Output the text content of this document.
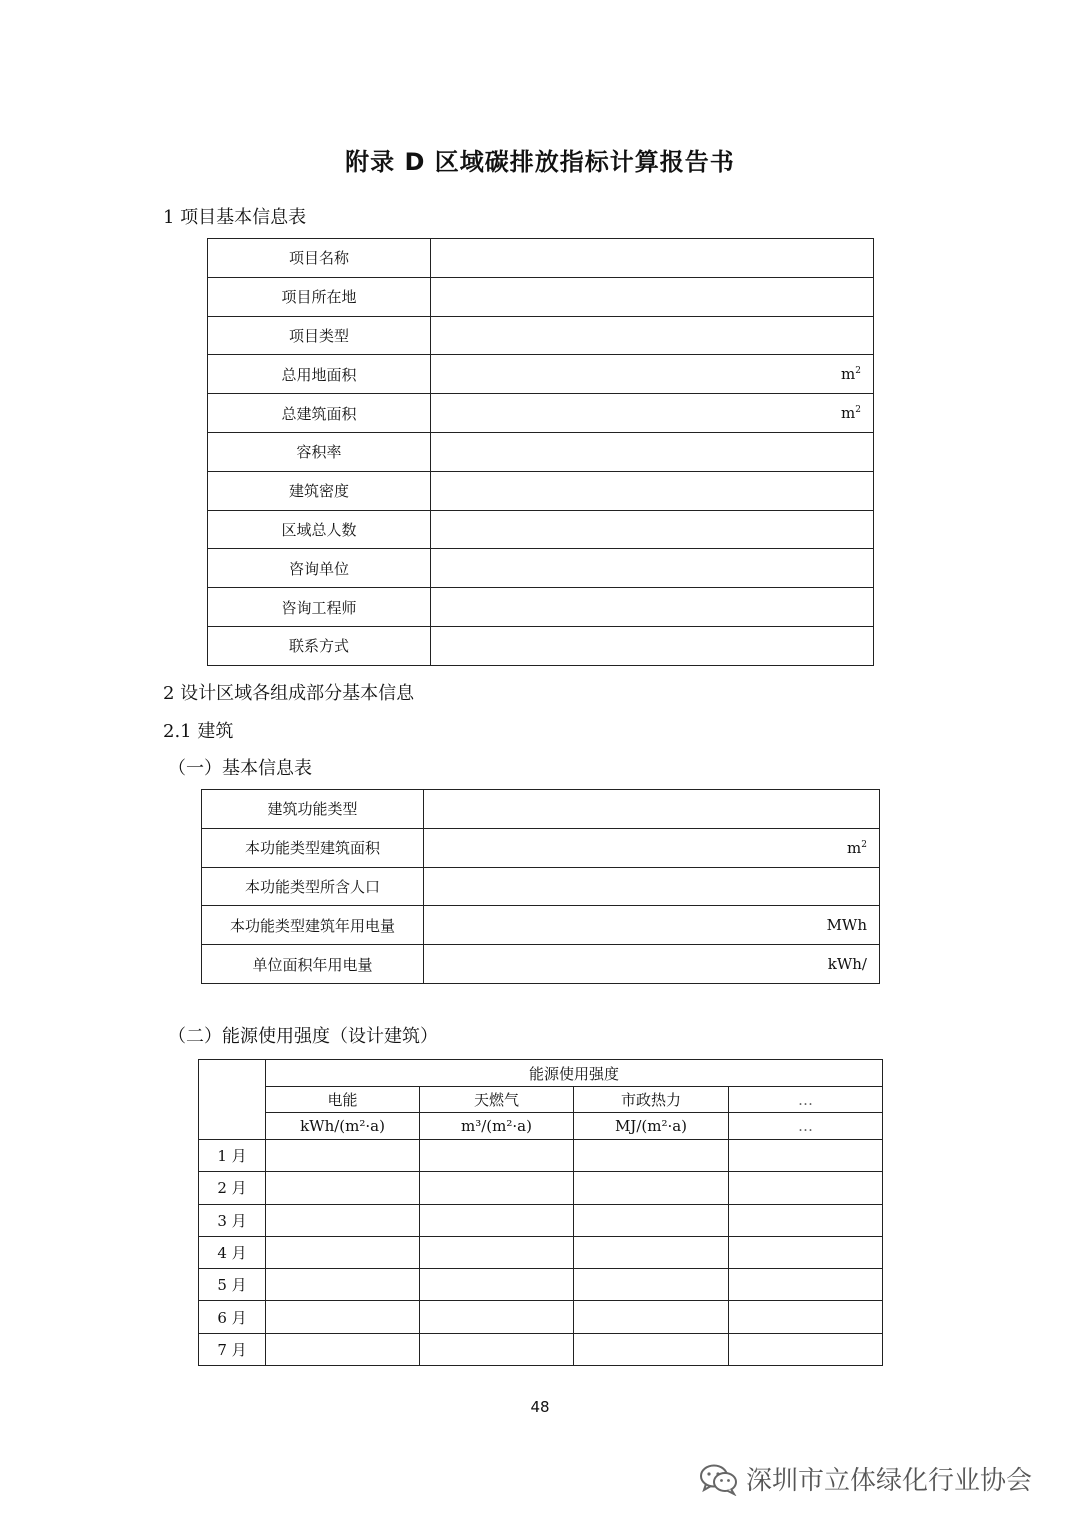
附录 D 区域碳排放指标计算报告书
1 项目基本信息表
项目名称	
项目所在地	
项目类型	
总用地面积	$m^2$
总建筑面积	$m^2$
容积率	
建筑密度	
区域总人数	
咨询单位	
咨询工程师	
联系方式	
2 设计区域各组成部分基本信息
2.1 建筑
（一）基本信息表
建筑功能类型	
本功能类型建筑面积	$m^2$
本功能类型所含人口	
本功能类型建筑年用电量	MWh
单位面积年用电量	kWh/
（二）能源使用强度（设计建筑）
	能源使用强度			
	电能	天燃气	市政热力	…
	kWh/(m²·a)	m³/(m²·a)	MJ/(m²·a)	…
1 月				
2 月				
3 月				
4 月				
5 月				
6 月				
7 月				
48
深圳市立体绿化行业协会
